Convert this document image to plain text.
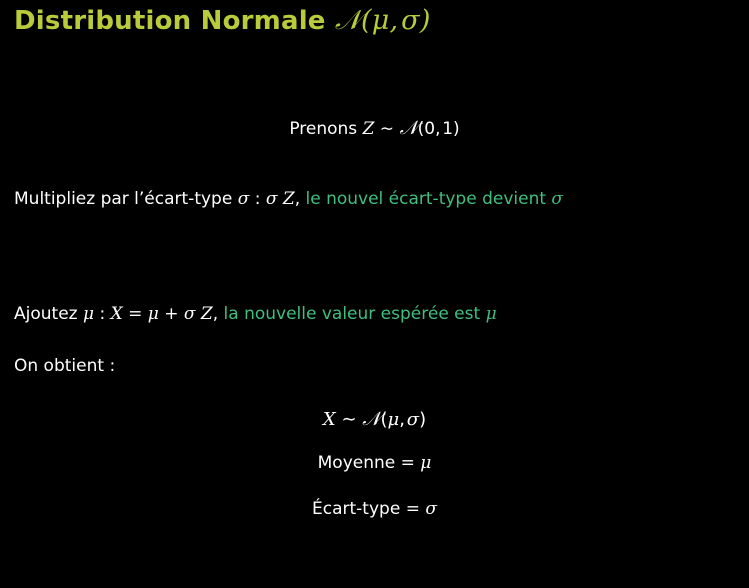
Distribution Normale 𝒩(μ,  σ)
Prenons Z ∼ 𝒩(0, 1)
Multipliez par l’écart-type σ : σ Z, le nouvel écart-type devient σ
Ajoutez μ : X = μ + σ Z, la nouvelle valeur espérée est μ
On obtient :
X ∼ 𝒩(μ, σ)
Moyenne = μ
Écart-type = σ
